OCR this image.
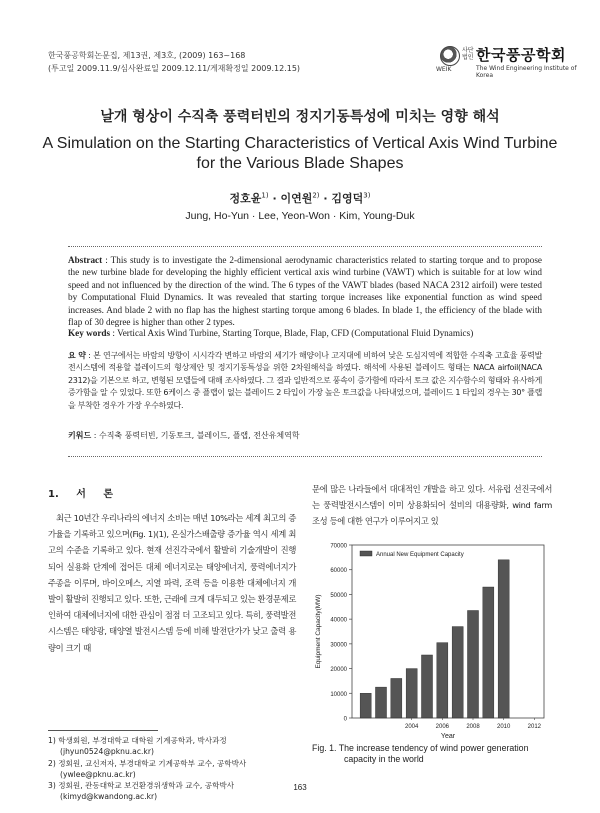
한국풍공학회논문집, 제13권, 제3호, (2009) 163~168
(투고일 2009.11.9/심사완료일 2009.12.11/게재확정일 2009.12.15)	WEIK
사단
법인 한국풍공학회
The Wind Engineering Institute of Korea
날개 형상이 수직축 풍력터빈의 정지기동특성에 미치는 영향 해석
A Simulation on the Starting Characteristics of Vertical Axis Wind Turbine for the Various Blade Shapes
정호윤$^{1)}$ · 이연원$^{2)}$ · 김영덕$^{3)}$
Jung, Ho-Yun · Lee, Yeon-Won · Kim, Young-Duk
Abstract : This study is to investigate the 2-dimensional aerodynamic characteristics related to starting torque and to propose the new turbine blade for developing the highly efficient vertical axis wind turbine (VAWT) which is suitable for at low wind speed and not influenced by the direction of the wind. The 6 types of the VAWT blades (based NACA 2312 airfoil) were tested by Computational Fluid Dynamics. It was revealed that starting torque increases like exponential function as wind speed increases. And blade 2 with no flap has the highest starting torque among 6 blades. In blade 1, the efficiency of the blade with flap of 30 degree is higher than other 2 types.
Key words : Vertical Axis Wind Turbine, Starting Torque, Blade, Flap, CFD (Computational Fluid Dynamics)
요 약 : 본 연구에서는 바람의 방향이 시시각각 변하고 바람의 세기가 해양이나 고지대에 비하여 낮은 도심지역에 적합한 수직축 고효율 풍력발전시스템에 적용할 블레이드의 형상제안 및 정지기동특성을 위한 2차원해석을 하였다. 해석에 사용된 블레이드 형태는 NACA airfoil(NACA 2312)을 기본으로 하고, 변형된 모델들에 대해 조사하였다. 그 결과 일반적으로 풍속이 증가함에 따라서 토크 값은 지수함수의 형태와 유사하게 증가함을 알 수 있었다. 또한 6케이스 중 플랩이 없는 블레이드 2 타입이 가장 높은 토크값을 나타내었으며, 블레이드 1 타입의 경우는 30° 플랩을 부착한 경우가 가장 우수하였다.
키워드 : 수직축 풍력터빈, 기동토크, 블레이드, 플랩, 전산유체역학
1. 서 론
　최근 10년간 우리나라의 에너지 소비는 매년 10%라는 세계 최고의 증가율을 기록하고 있으며(Fig. 1)(1), 온실가스배출량 증가율 역시 세계 최고의 수준을 기록하고 있다. 현재 선진각국에서 활발히 기술개발이 진행되어 실용화 단계에 접어든 대체 에너지로는 태양에너지, 풍력에너지가 주종을 이루며, 바이오메스, 지열 파력, 조력 등을 이용한 대체에너지 개발이 활발히 진행되고 있다. 또한, 근래에 크게 대두되고 있는 환경문제로 인하여 대체에너지에 대한 관심이 점점 더 고조되고 있다. 특히, 풍력발전시스템은 태양광, 태양열 발전시스템 등에 비해 발전단가가 낮고 출력 용량이 크기 때
문에 많은 나라들에서 대대적인 개발을 하고 있다. 서유럽 선진국에서는 풍력발전시스템이 이미 상용화되어 설비의 대용량화, wind farm 조성 등에 대한 연구가 이루어지고 있
0
10000
20000
30000
40000
50000
60000
70000
2004	2006	2008	2010	2012
Year
Equipment Capacity(MW)
Annual New Equipment Capacity
Fig. 1. The increase tendency of wind power generation
capacity in the world
1) 학생회원, 부경대학교 대학원 기계공학과, 박사과정
(jhyun0524@pknu.ac.kr)
2) 정회원, 교신저자, 부경대학교 기계공학부 교수, 공학박사
(ywlee@pknu.ac.kr)
3) 정회원, 관동대학교 보건환경위생학과 교수, 공학박사
(kimyd@kwandong.ac.kr)
163
